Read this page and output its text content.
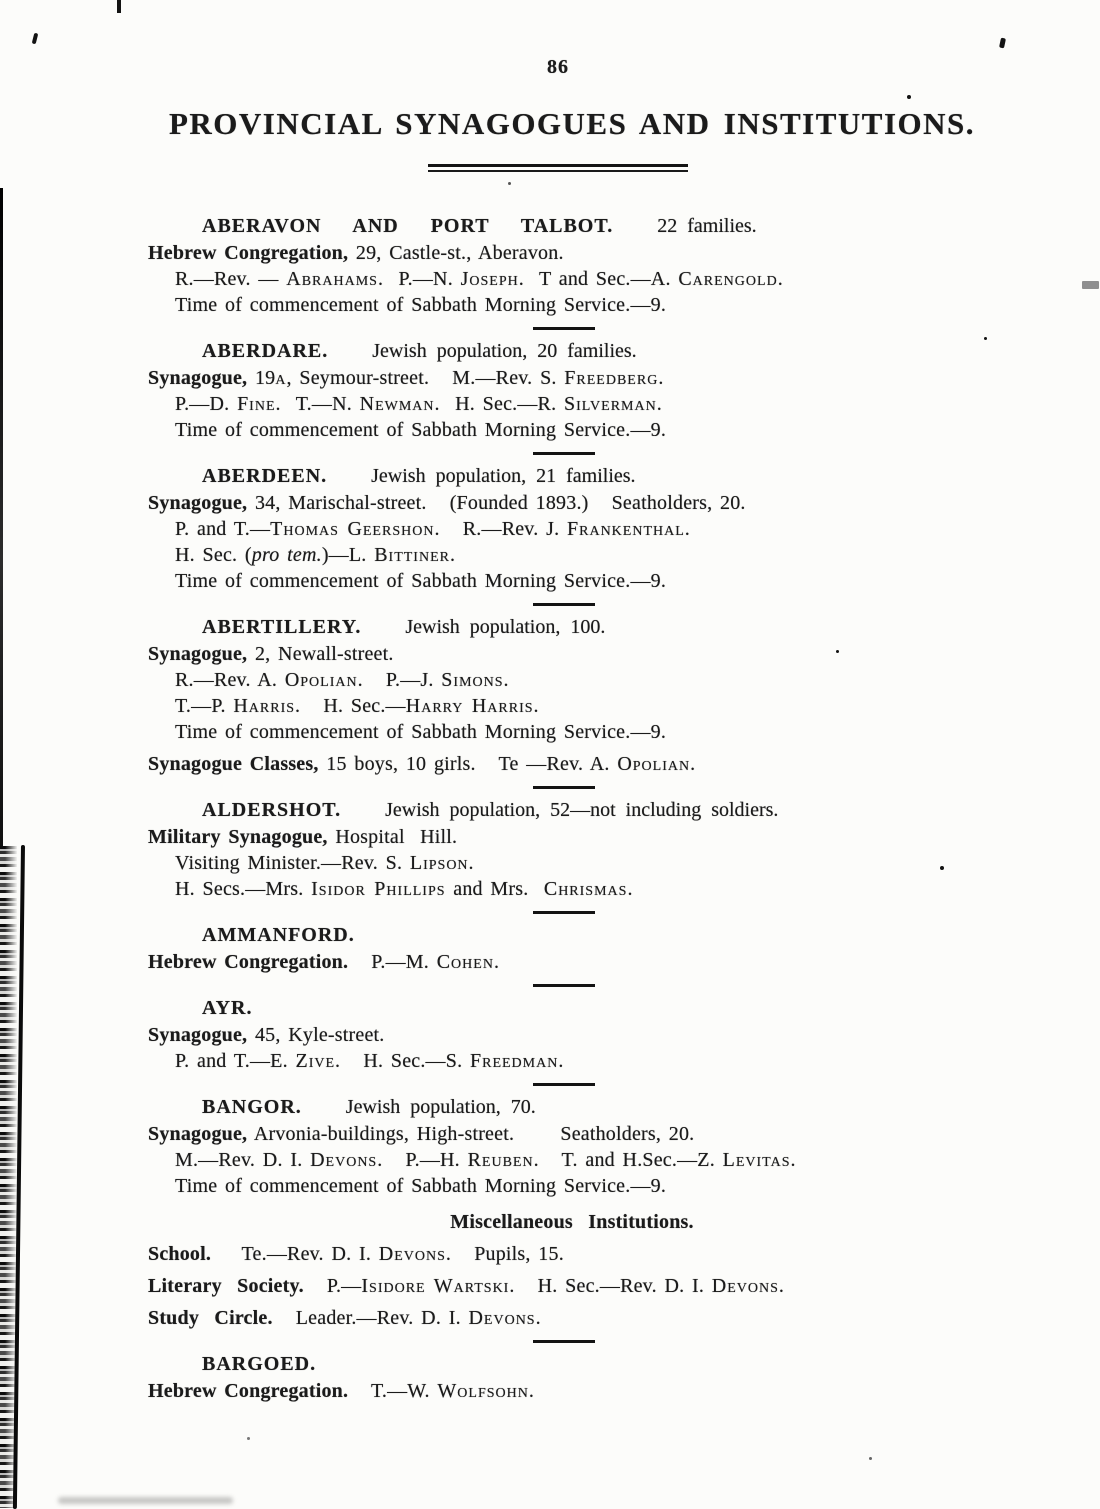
86
PROVINCIAL SYNAGOGUES AND INSTITUTIONS.
ABERAVON  AND  PORT  TALBOT. 22 families.
Hebrew Congregation, 29, Castle-st., Aberavon.
R.—Rev. — Abrahams.  P.—N. Joseph.  T and Sec.—A. Carengold.
Time of commencement of Sabbath Morning Service.—9.
ABERDARE. Jewish population, 20 families.
Synagogue, 19a, Seymour-street.   M.—Rev. S. Freedberg.
P.—D. Fine.  T.—N. Newman.  H. Sec.—R. Silverman.
Time of commencement of Sabbath Morning Service.—9.
ABERDEEN. Jewish population, 21 families.
Synagogue, 34, Marischal-street.   (Founded 1893.)   Seatholders, 20.
P. and T.—Thomas Geershon.   R.—Rev. J. Frankenthal.
H. Sec. (pro tem.)—L. Bittiner.
Time of commencement of Sabbath Morning Service.—9.
ABERTILLERY. Jewish population, 100.
Synagogue, 2, Newall-street.
R.—Rev. A. Opolian.   P.—J. Simons.
T.—P. Harris.   H. Sec.—Harry Harris.
Time of commencement of Sabbath Morning Service.—9.
Synagogue Classes, 15 boys, 10 girls.   Te —Rev. A. Opolian.
ALDERSHOT. Jewish population, 52—not including soldiers.
Military Synagogue, Hospital  Hill.
Visiting Minister.—Rev. S. Lipson.
H. Secs.—Mrs. Isidor Phillips and Mrs.  Chrismas.
AMMANFORD.
Hebrew Congregation.   P.—M. Cohen.
AYR.
Synagogue, 45, Kyle-street.
P. and T.—E. Zive.   H. Sec.—S. Freedman.
BANGOR. Jewish population, 70.
Synagogue, Arvonia-buildings, High-street.      Seatholders, 20.
M.—Rev. D. I. Devons.   P.—H. Reuben.   T. and H.Sec.—Z. Levitas.
Time of commencement of Sabbath Morning Service.—9.
Miscellaneous  Institutions.
School.    Te.—Rev. D. I. Devons.   Pupils, 15.
Literary  Society.   P.—Isidore Wartski.   H. Sec.—Rev. D. I. Devons.
Study  Circle.   Leader.—Rev. D. I. Devons.
BARGOED.
Hebrew Congregation.   T.—W. Wolfsohn.
